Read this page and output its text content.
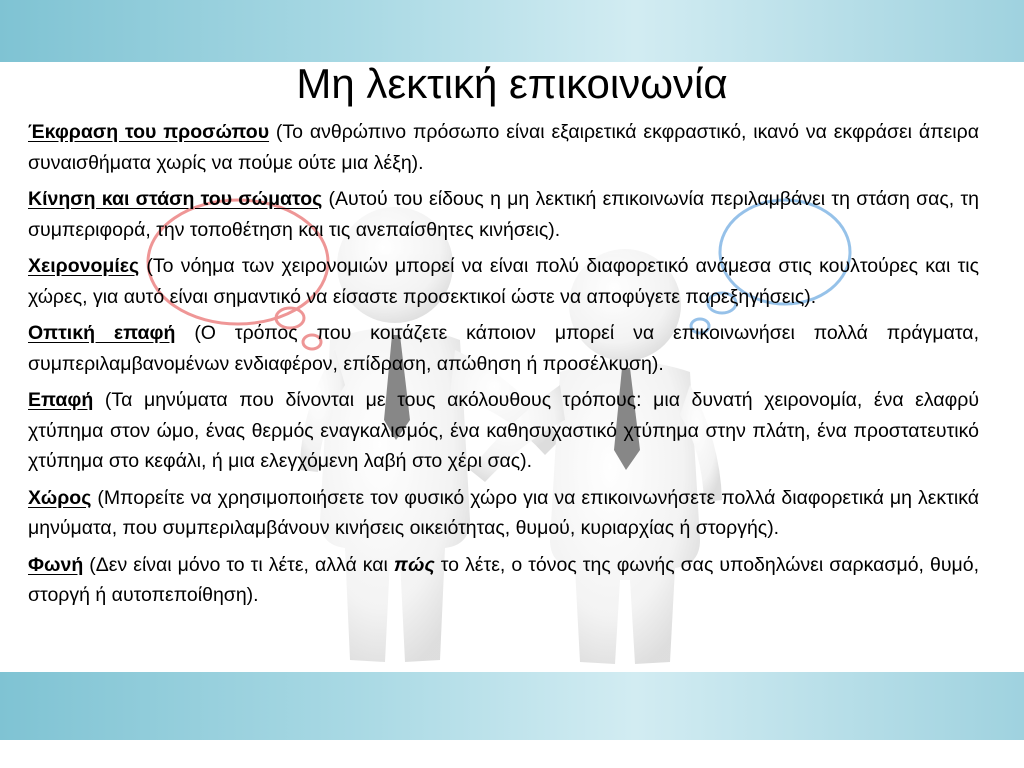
Μη λεκτική επικοινωνία

Έκφραση του προσώπου (Το ανθρώπινο πρόσωπο είναι εξαιρετικά εκφραστικό, ικανό να εκφράσει άπειρα συναισθήματα χωρίς να πούμε ούτε μια λέξη).

Κίνηση και στάση του σώματος (Αυτού του είδους η μη λεκτική επικοινωνία περιλαμβάνει τη στάση σας, τη συμπεριφορά, την τοποθέτηση και τις ανεπαίσθητες κινήσεις).

Χειρονομίες (Το νόημα των χειρονομιών μπορεί να είναι πολύ διαφορετικό ανάμεσα στις κουλτούρες και τις χώρες, για αυτό είναι σημαντικό να είσαστε προσεκτικοί ώστε να αποφύγετε παρεξηγήσεις).

Οπτική επαφή (Ο τρόπος που κοιτάζετε κάποιον μπορεί να επικοινωνήσει πολλά πράγματα, συμπεριλαμβανομένων ενδιαφέρον, επίδραση, απώθηση ή προσέλκυση).

Επαφή (Τα μηνύματα που δίνονται με τους ακόλουθους τρόπους: μια δυνατή χειρονομία, ένα ελαφρύ χτύπημα στον ώμο, ένας θερμός εναγκαλισμός, ένα καθησυχαστικό χτύπημα στην πλάτη, ένα προστατευτικό χτύπημα στο κεφάλι, ή μια ελεγχόμενη λαβή στο χέρι σας).

Χώρος (Μπορείτε να χρησιμοποιήσετε τον φυσικό χώρο για να επικοινωνήσετε πολλά διαφορετικά μη λεκτικά μηνύματα, που συμπεριλαμβάνουν κινήσεις οικειότητας, θυμού, κυριαρχίας ή στοργής).

Φωνή (Δεν είναι μόνο το τι λέτε, αλλά και πώς το λέτε, ο τόνος της φωνής σας υποδηλώνει σαρκασμό, θυμό, στοργή ή αυτοπεποίθηση).
